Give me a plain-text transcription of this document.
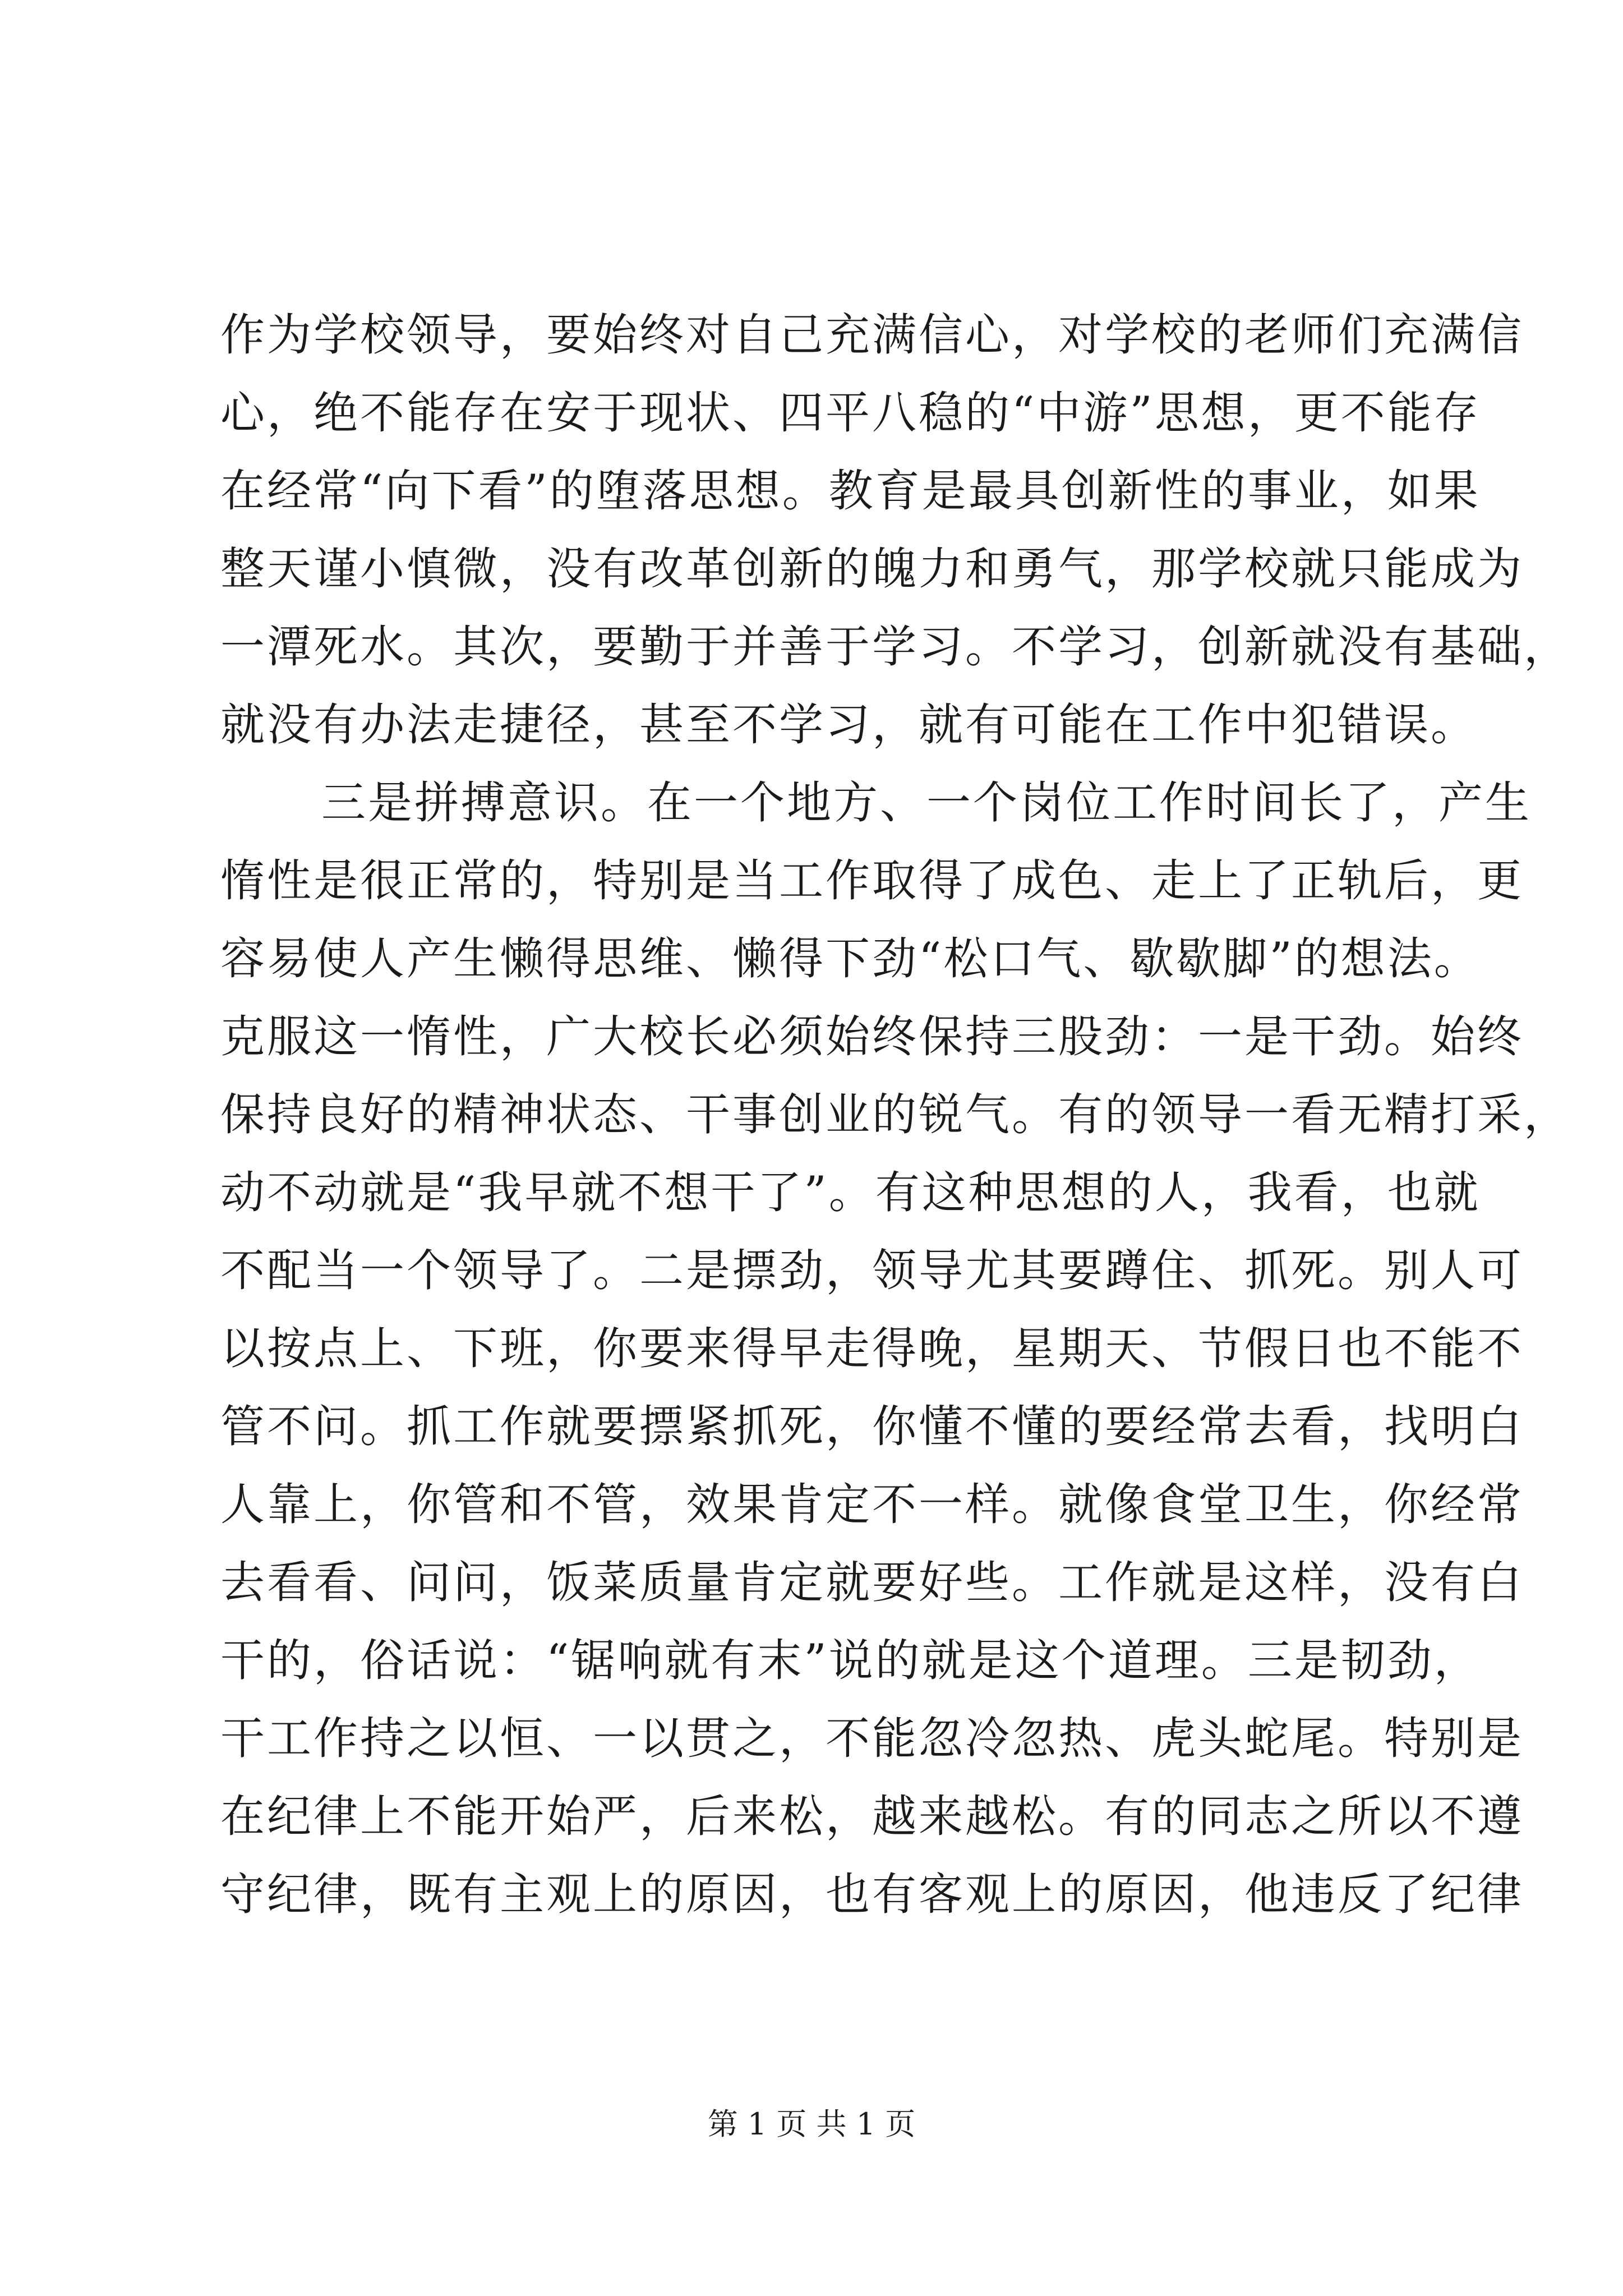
作为学校领导，要始终对自己充满信心，对学校的老师们充满信
心，绝不能存在安于现状、四平八稳的“中游”思想，更不能存
在经常“向下看”的堕落思想。教育是最具创新性的事业，如果
整天谨小慎微，没有改革创新的魄力和勇气，那学校就只能成为
一潭死水。其次，要勤于并善于学习。不学习，创新就没有基础，
就没有办法走捷径，甚至不学习，就有可能在工作中犯错误。
三是拼搏意识。在一个地方、一个岗位工作时间长了，产生
惰性是很正常的，特别是当工作取得了成色、走上了正轨后，更
容易使人产生懒得思维、懒得下劲“松口气、歇歇脚”的想法。
克服这一惰性，广大校长必须始终保持三股劲：一是干劲。始终
保持良好的精神状态、干事创业的锐气。有的领导一看无精打采，
动不动就是“我早就不想干了”。有这种思想的人，我看，也就
不配当一个领导了。二是摽劲，领导尤其要蹲住、抓死。别人可
以按点上、下班，你要来得早走得晚，星期天、节假日也不能不
管不问。抓工作就要摽紧抓死，你懂不懂的要经常去看，找明白
人靠上，你管和不管，效果肯定不一样。就像食堂卫生，你经常
去看看、问问，饭菜质量肯定就要好些。工作就是这样，没有白
干的，俗话说：“锯响就有末”说的就是这个道理。三是韧劲，
干工作持之以恒、一以贯之，不能忽冷忽热、虎头蛇尾。特别是
在纪律上不能开始严，后来松，越来越松。有的同志之所以不遵
守纪律，既有主观上的原因，也有客观上的原因，他违反了纪律
第 1 页 共 1 页
